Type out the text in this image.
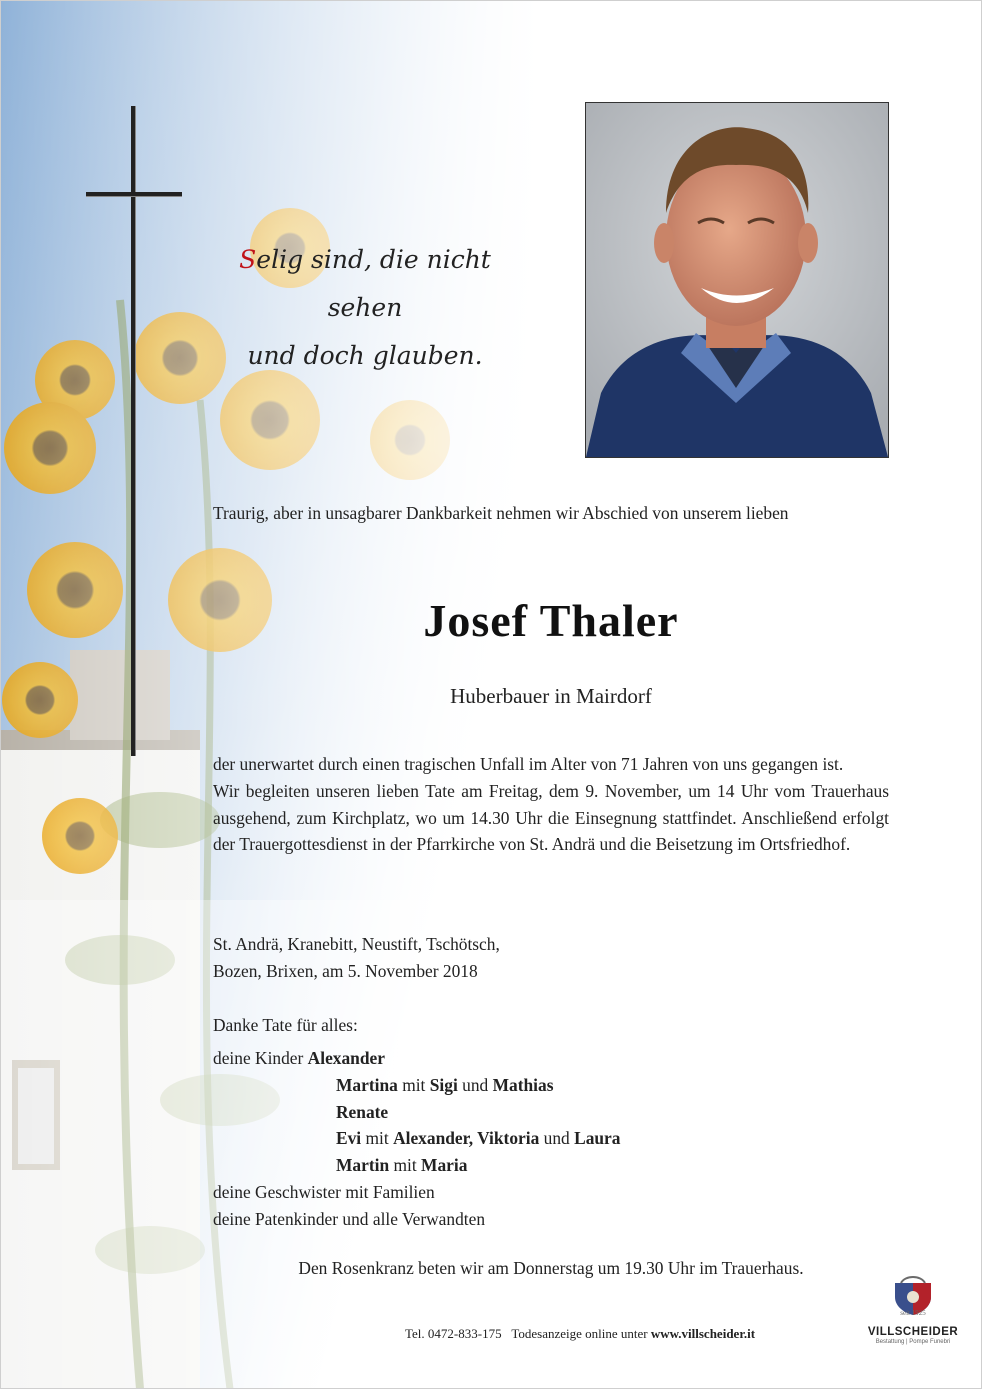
Selig sind, die nicht sehen
und doch glauben.
Traurig, aber in unsagbarer Dankbarkeit nehmen wir Abschied von unserem lieben
Josef Thaler
Huberbauer in Mairdorf
der unerwartet durch einen tragischen Unfall im Alter von 71 Jahren von uns gegangen ist.
Wir begleiten unseren lieben Tate am Freitag, dem 9. November, um 14 Uhr vom Trauerhaus ausgehend, zum Kirchplatz, wo um 14.30 Uhr die Einsegnung stattfindet. Anschließend erfolgt der Trauergottesdienst in der Pfarrkirche von St. Andrä und die Beisetzung im Ortsfriedhof.
St. Andrä, Kranebitt, Neustift, Tschötsch,
Bozen, Brixen, am 5. November 2018
Danke Tate für alles:
deine Kinder Alexander
Martina mit Sigi und Mathias
Renate
Evi mit Alexander, Viktoria und Laura
Martin mit Maria
deine Geschwister mit Familien
deine Patenkinder und alle Verwandten
Den Rosenkranz beten wir am Donnerstag um 19.30 Uhr im Trauerhaus.
Tel. 0472-833-175 Todesanzeige online unter www.villscheider.it
seit 1925
VILLSCHEIDER
Bestattung | Pompe Funebri
